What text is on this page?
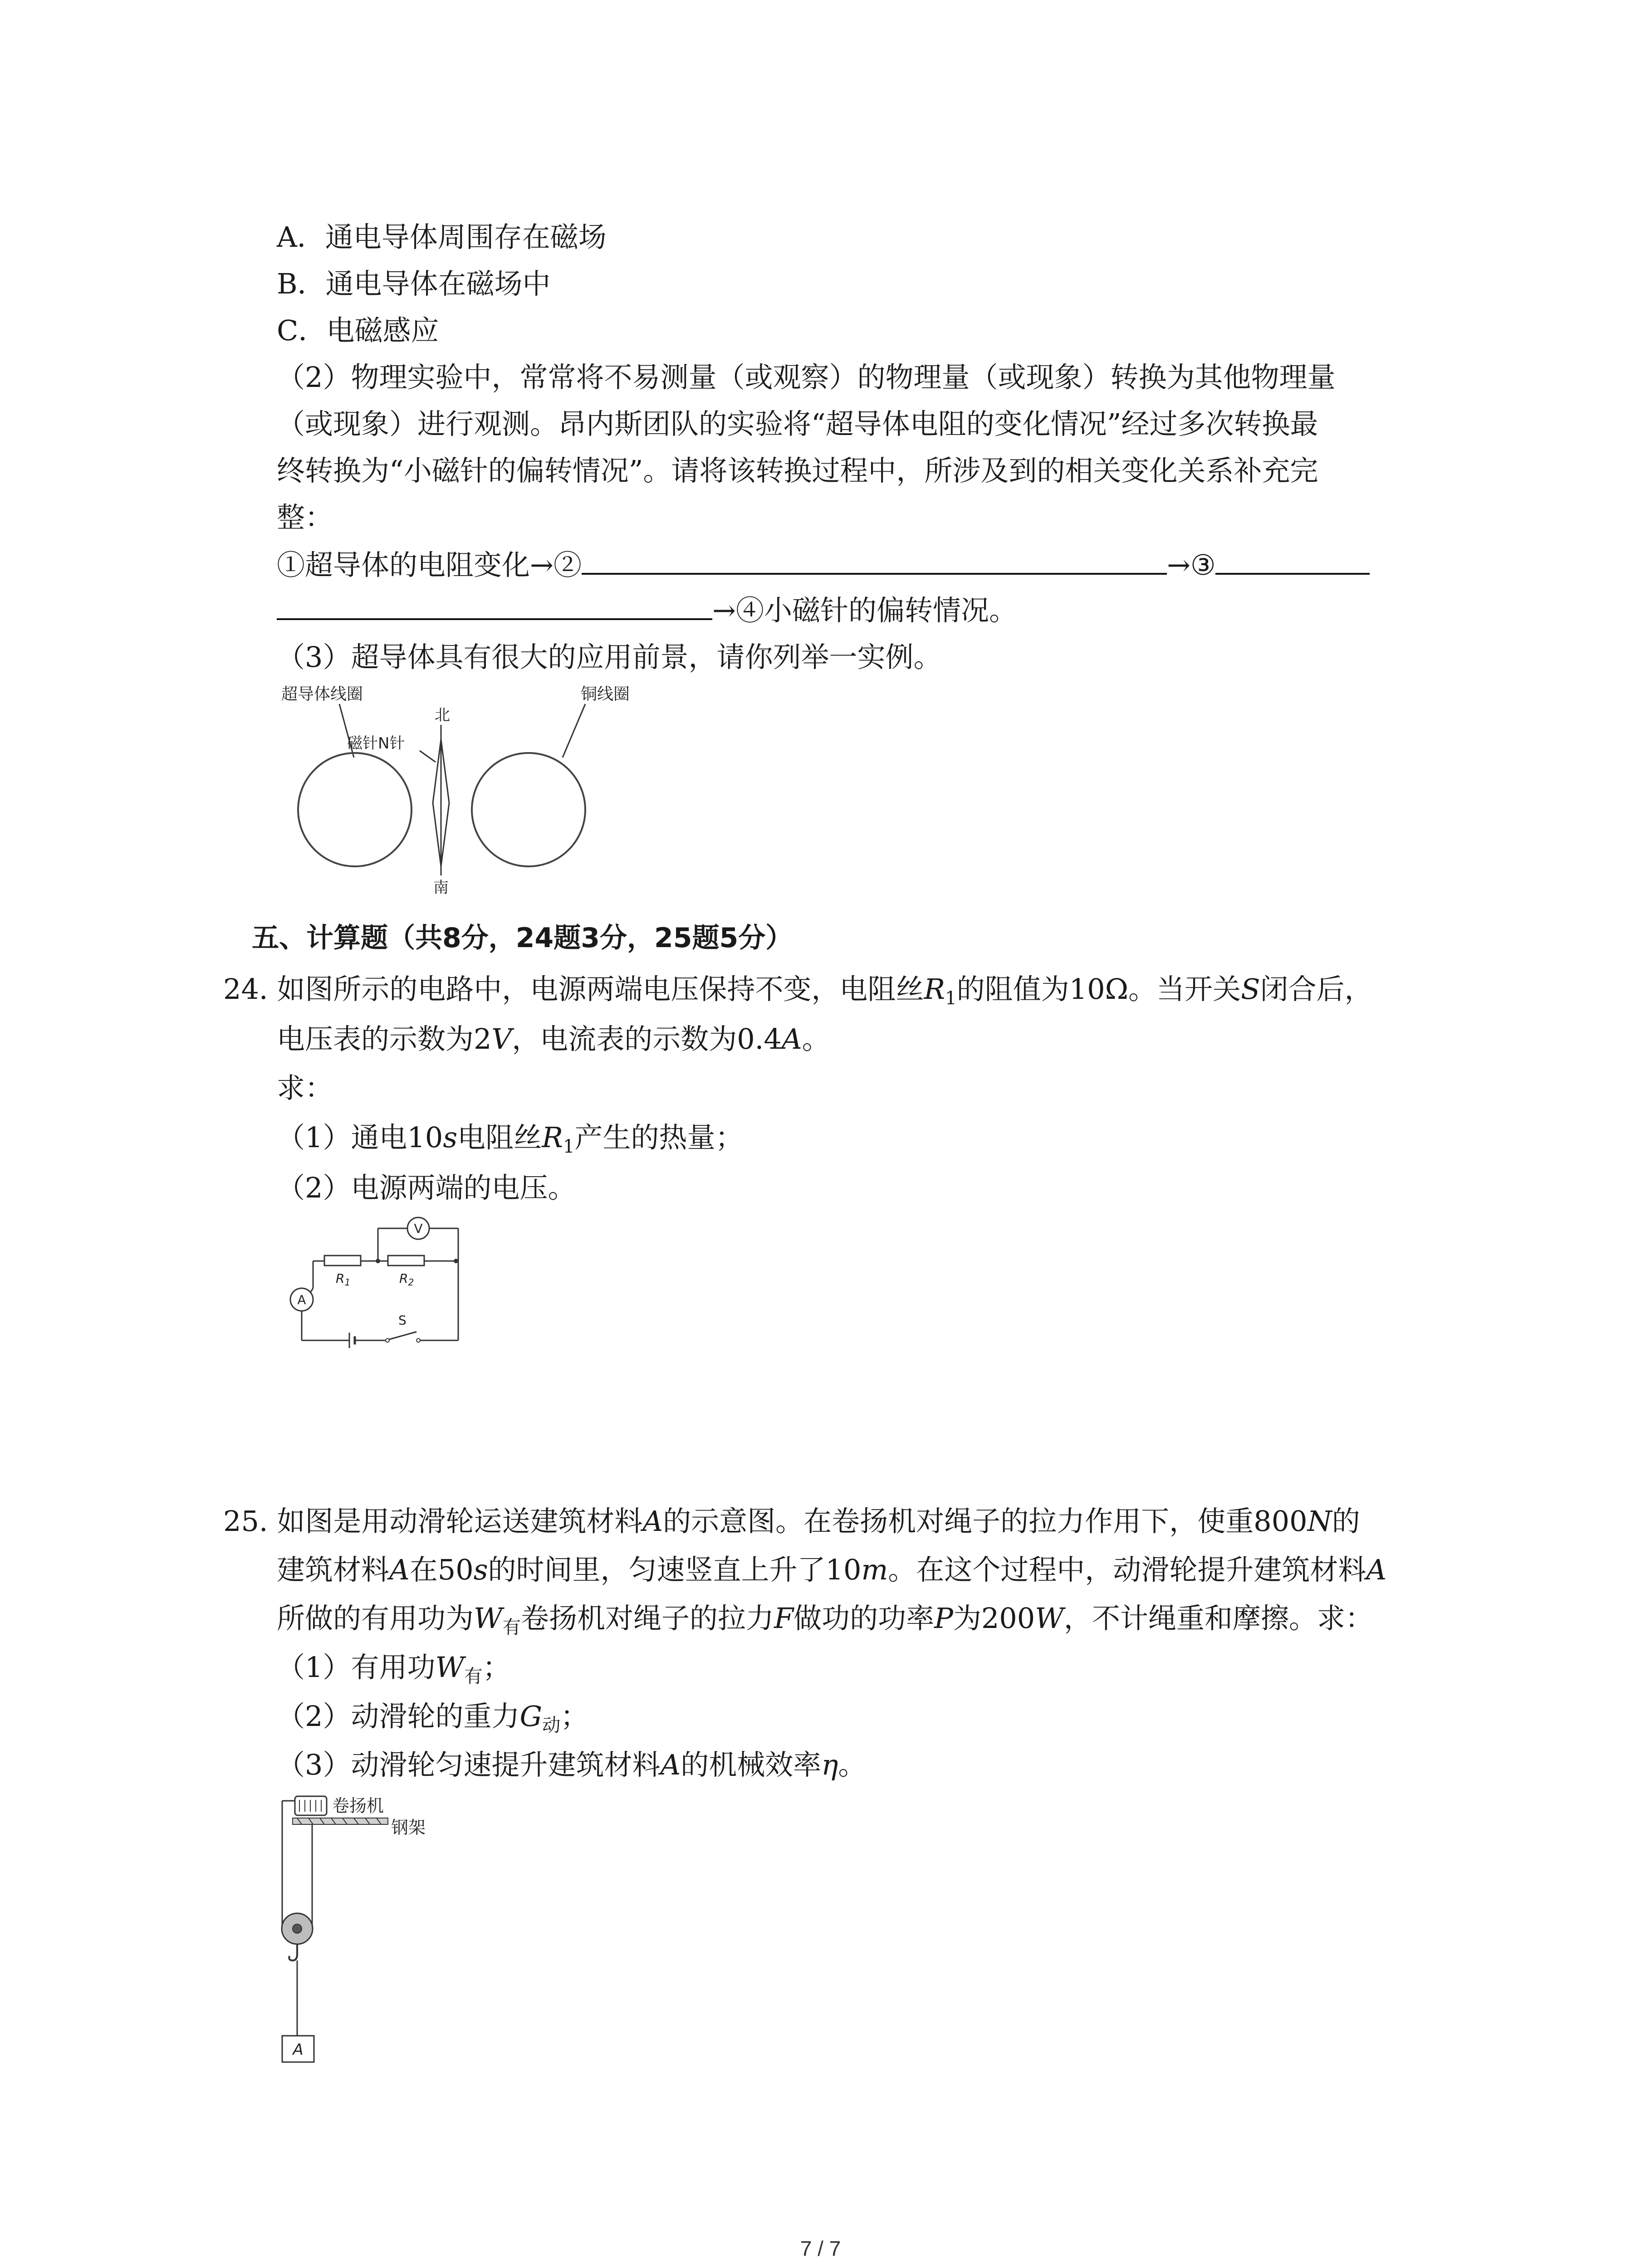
A．通电导体周围存在磁场
B．通电导体在磁场中
C．电磁感应
（2）物理实验中，常常将不易测量（或观察）的物理量（或现象）转换为其他物理量
（或现象）进行观测。昂内斯团队的实验将“超导体电阻的变化情况”经过多次转换最
终转换为“小磁针的偏转情况”。请将该转换过程中，所涉及到的相关变化关系补充完
整：
①超导体的电阻变化→②	→③
→④小磁针的偏转情况。
（3）超导体具有很大的应用前景，请你列举一实例。
超导体线圈
磁针N针
北
南
铜线圈
五、计算题（共8分，24题3分，25题5分）
24. 如图所示的电路中，电源两端电压保持不变，电阻丝$R_1$的阻值为10Ω。当开关S闭合后，
电压表的示数为2V，电流表的示数为0.4A。
求：
（1）通电10s电阻丝$R_1$产生的热量；
（2）电源两端的电压。
V
$R_1$	$R_2$
A
S
25. 如图是用动滑轮运送建筑材料A的示意图。在卷扬机对绳子的拉力作用下，使重800N的
建筑材料A在50s的时间里，匀速竖直上升了10m。在这个过程中，动滑轮提升建筑材料A
所做的有用功为$W_有$卷扬机对绳子的拉力F做功的功率P为200W，不计绳重和摩擦。求：
（1）有用功$W_有$；
（2）动滑轮的重力$G_动$；
（3）动滑轮匀速提升建筑材料A的机械效率η。
卷扬机
钢架
A
7 / 7
